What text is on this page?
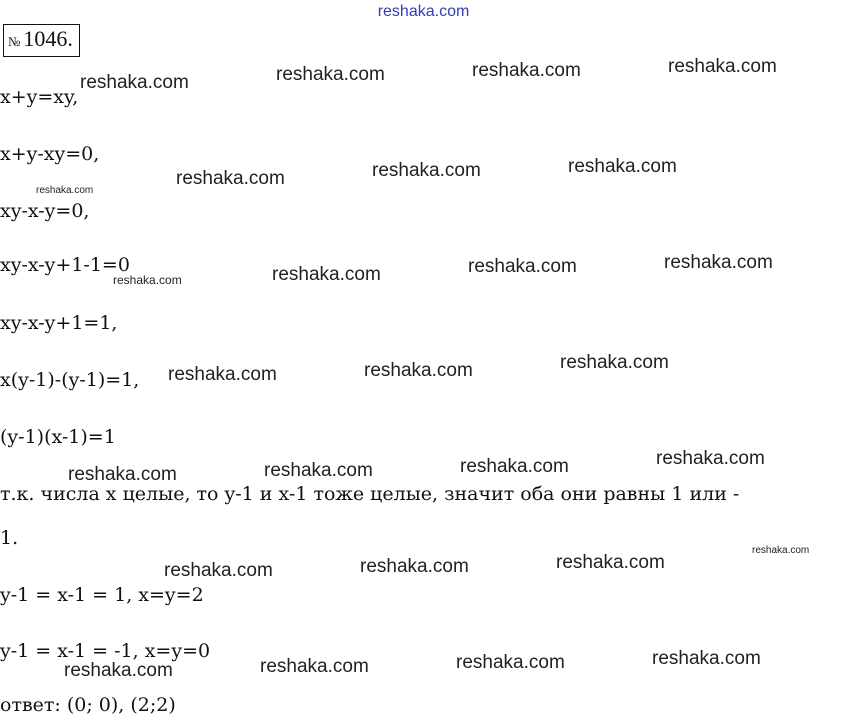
reshaka.com
№ 1046.
x+y=xy,
x+y-xy=0,
xy-x-y=0,
xy-x-y+1-1=0
xy-x-y+1=1,
x(y-1)-(y-1)=1,
(y-1)(x-1)=1
т.к. числа х целые, то y-1 и x-1 тоже целые, значит оба они равны 1 или -
1.
y-1 = x-1 = 1, x=y=2
y-1 = x-1 = -1, x=y=0
ответ: (0; 0), (2;2)
reshaka.com	reshaka.com	reshaka.com	reshaka.com
reshaka.com
reshaka.com	reshaka.com	reshaka.com
reshaka.com	reshaka.com	reshaka.com	reshaka.com
reshaka.com	reshaka.com	reshaka.com
reshaka.com	reshaka.com	reshaka.com	reshaka.com
reshaka.com	reshaka.com	reshaka.com
reshaka.com
reshaka.com	reshaka.com	reshaka.com	reshaka.com
